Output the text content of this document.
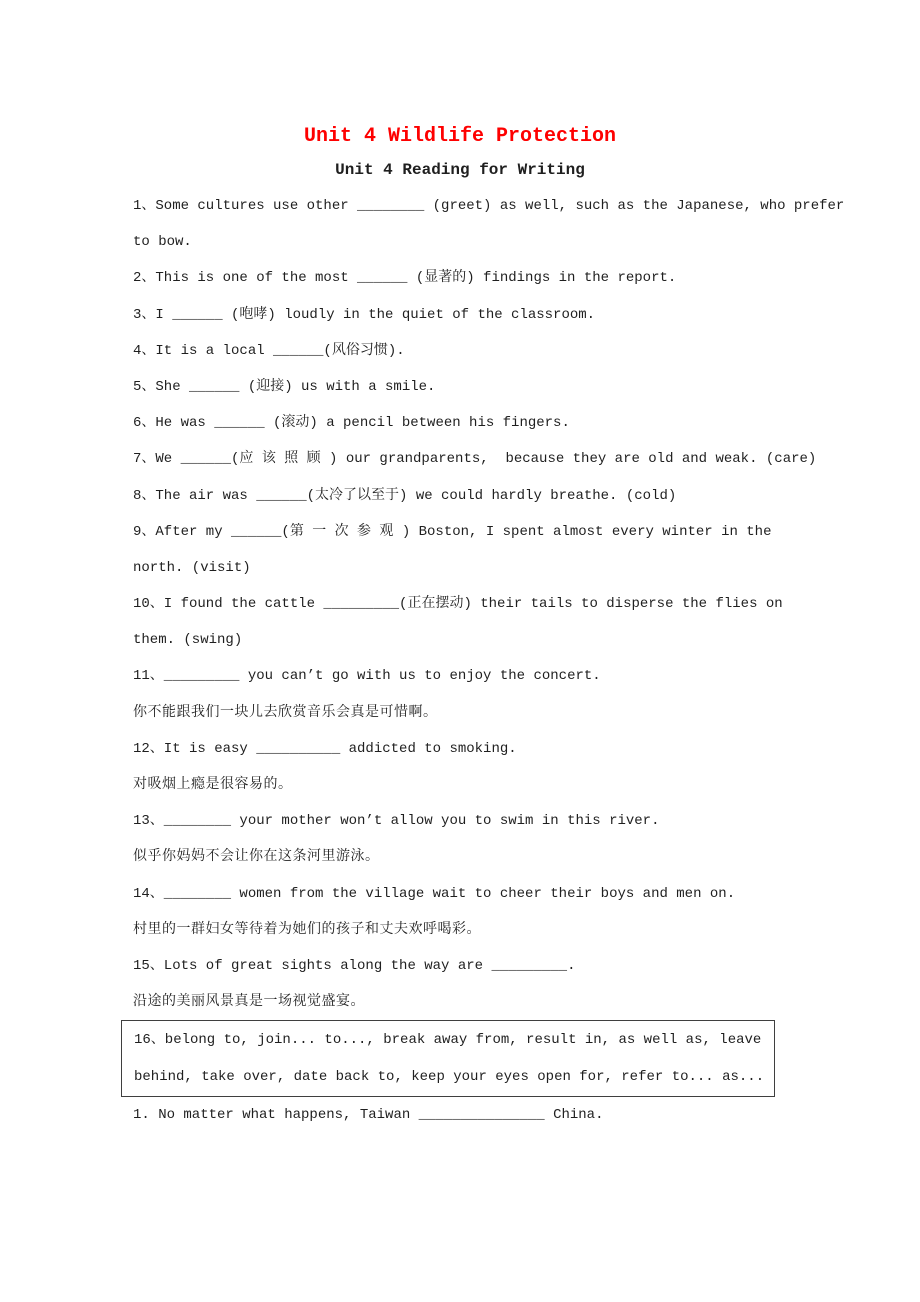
Unit 4 Wildlife Protection
Unit 4 Reading for Writing
1、Some cultures use other ________ (greet) as well, such as the Japanese, who prefer
to bow.
2、This is one of the most ______ (显著的) findings in the report.
3、I ______ (咆哮) loudly in the quiet of the classroom.
4、It is a local ______(风俗习惯).
5、She ______ (迎接) us with a smile.
6、He was ______ (滚动) a pencil between his fingers.
7、We ______(应 该 照 顾 ) our grandparents,  because they are old and weak. (care)
8、The air was ______(太冷了以至于) we could hardly breathe. (cold)
9、After my ______(第 一 次 参 观 ) Boston, I spent almost every winter in the
north. (visit)
10、I found the cattle _________(正在摆动) their tails to disperse the flies on
them. (swing)
11、_________ you can’t go with us to enjoy the concert.
你不能跟我们一块儿去欣赏音乐会真是可惜啊。
12、It is easy __________ addicted to smoking.
对吸烟上瘾是很容易的。
13、________ your mother won’t allow you to swim in this river.
似乎你妈妈不会让你在这条河里游泳。
14、________ women from the village wait to cheer their boys and men on.
村里的一群妇女等待着为她们的孩子和丈夫欢呼喝彩。
15、Lots of great sights along the way are _________.
沿途的美丽风景真是一场视觉盛宴。
16、belong to, join... to..., break away from, result in, as well as, leave
behind, take over, date back to, keep your eyes open for, refer to... as...
1. No matter what happens, Taiwan _______________ China.
